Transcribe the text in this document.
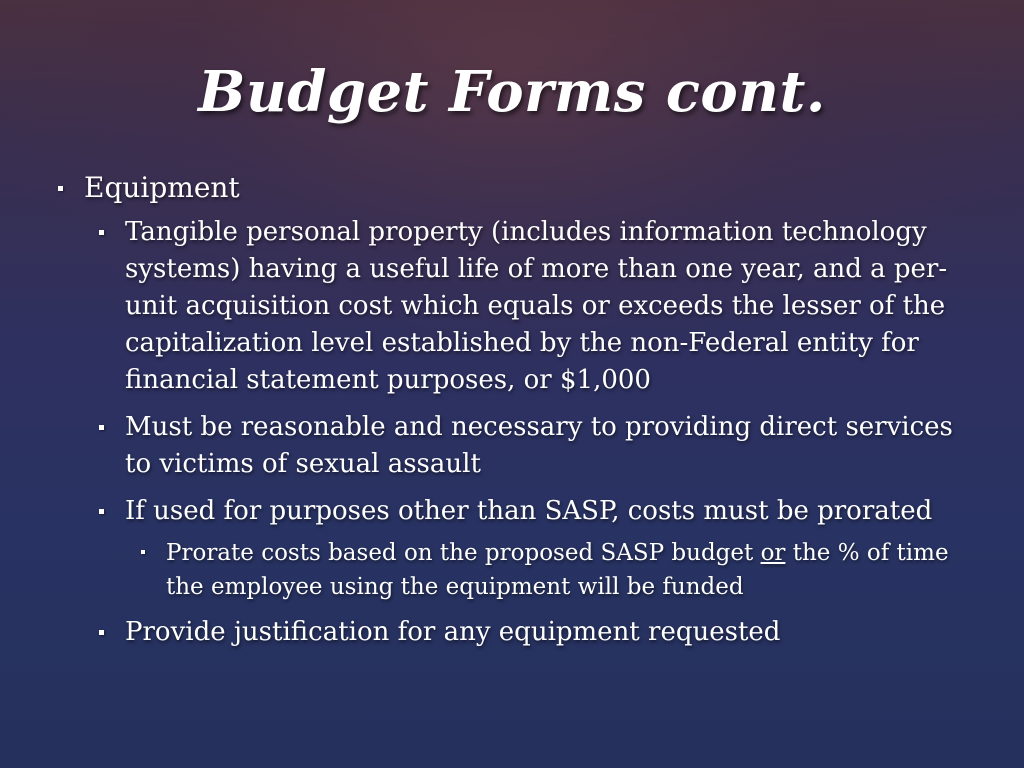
Budget Forms cont.
Equipment
Tangible personal property (includes information technology systems) having a useful life of more than one year, and a per-unit acquisition cost which equals or exceeds the lesser of the capitalization level established by the non-Federal entity for financial statement purposes, or $1,000
Must be reasonable and necessary to providing direct services to victims of sexual assault
If used for purposes other than SASP, costs must be prorated
Prorate costs based on the proposed SASP budget or the % of time the employee using the equipment will be funded
Provide justification for any equipment requested
